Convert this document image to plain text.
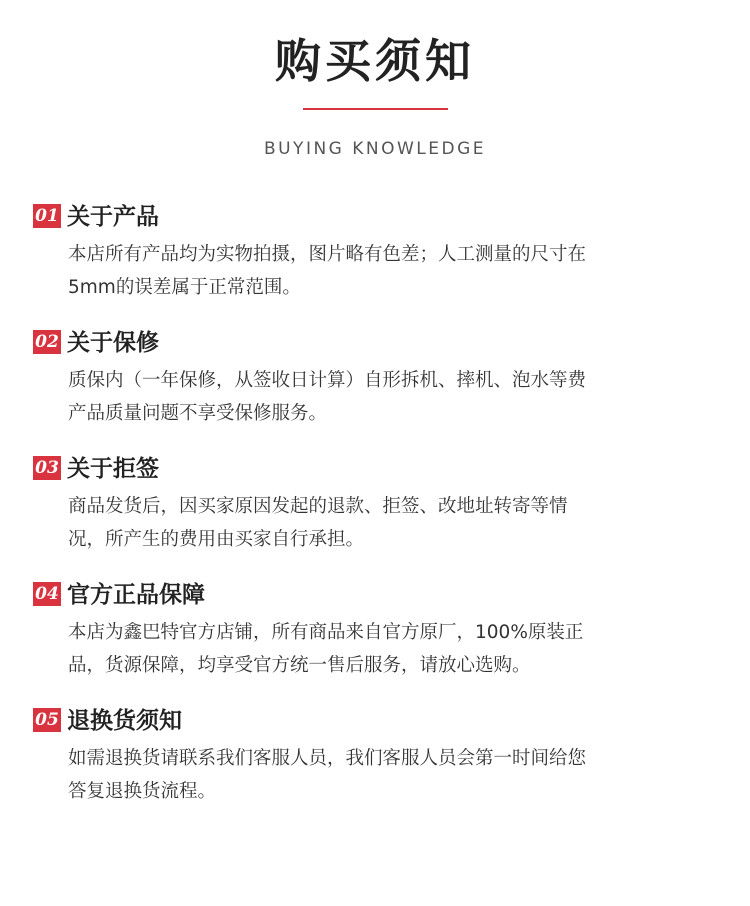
购买须知
BUYING KNOWLEDGE
01 关于产品

本店所有产品均为实物拍摄，图片略有色差；人工测量的尺寸在
5mm的误差属于正常范围。

02 关于保修

质保内（一年保修，从签收日计算）自形拆机、摔机、泡水等费
产品质量问题不享受保修服务。

03 关于拒签

商品发货后，因买家原因发起的退款、拒签、改地址转寄等情
况，所产生的费用由买家自行承担。

04 官方正品保障

本店为鑫巴特官方店铺，所有商品来自官方原厂，100%原装正
品，货源保障，均享受官方统一售后服务，请放心选购。

05 退换货须知

如需退换货请联系我们客服人员，我们客服人员会第一时间给您
答复退换货流程。
